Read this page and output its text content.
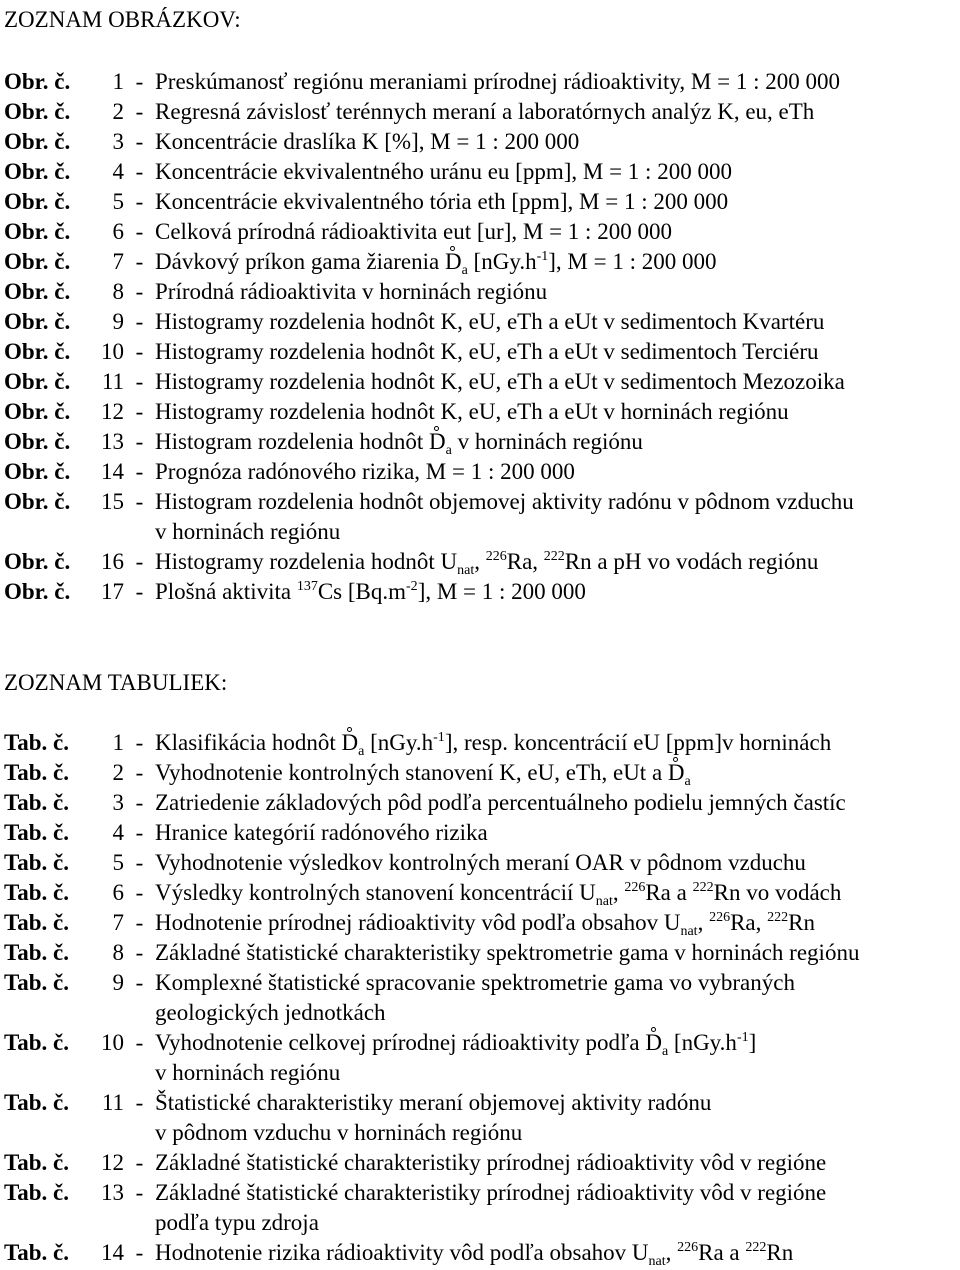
ZOZNAM OBRÁZKOV:
Obr. č.	1 - Preskúmanosť regiónu meraniami prírodnej rádioaktivity, M = 1 : 200 000
Obr. č.	2 - Regresná závislosť terénnych meraní a laboratórnych analýz K, eu, eTh
Obr. č.	3 - Koncentrácie draslíka K [%], M = 1 : 200 000
Obr. č.	4 - Koncentrácie ekvivalentného uránu eu [ppm], M = 1 : 200 000
Obr. č.	5 - Koncentrácie ekvivalentného tória eth [ppm], M = 1 : 200 000
Obr. č.	6 - Celková prírodná rádioaktivita eut [ur], M = 1 : 200 000
Obr. č.	7 - Dávkový príkon gama žiarenia D
$_a$ $[nGy.h^{-1}]$, M = 1 : 200 000
Obr. č.	8 - Prírodná rádioaktivita v horninách regiónu
Obr. č.	9 - Histogramy rozdelenia hodnôt K, eU, eTh a eUt v sedimentoch Kvartéru
Obr. č.	10 - Histogramy rozdelenia hodnôt K, eU, eTh a eUt v sedimentoch Terciéru
Obr. č.	11 - Histogramy rozdelenia hodnôt K, eU, eTh a eUt v sedimentoch Mezozoika
Obr. č.	12 - Histogramy rozdelenia hodnôt K, eU, eTh a eUt v horninách regiónu
Obr. č.	13 - Histogram rozdelenia hodnôt D
$_a$ v horninách regiónu
Obr. č.	14 - Prognóza radónového rizika, M = 1 : 200 000
Obr. č.	15 - Histogram rozdelenia hodnôt objemovej aktivity radónu v pôdnom vzduchu
v horninách regiónu
Obr. č.	16 - Histogramy rozdelenia hodnôt $U_{nat}$, $^{226}$Ra, $^{222}$Rn a pH vo vodách regiónu
Obr. č.	17 - Plošná aktivita $^{137}$Cs $[Bq.m^{-2}]$, M = 1 : 200 000
ZOZNAM TABULIEK:
Tab. č.	1 - Klasifikácia hodnôt D
$_a$ $[nGy.h^{-1}]$, resp. koncentrácií eU [ppm]v horninách
Tab. č.	2 - Vyhodnotenie kontrolných stanovení K, eU, eTh, eUt a D
$_a$
Tab. č.	3 - Zatriedenie základových pôd podľa percentuálneho podielu jemných častíc
Tab. č.	4 - Hranice kategórií radónového rizika
Tab. č.	5 - Vyhodnotenie výsledkov kontrolných meraní OAR v pôdnom vzduchu
Tab. č.	6 - Výsledky kontrolných stanovení koncentrácií $U_{nat}$, $^{226}$Ra a $^{222}$Rn vo vodách
Tab. č.	7 - Hodnotenie prírodnej rádioaktivity vôd podľa obsahov $U_{nat}$, $^{226}$Ra, $^{222}$Rn
Tab. č.	8 - Základné štatistické charakteristiky spektrometrie gama v horninách regiónu
Tab. č.	9 - Komplexné štatistické spracovanie spektrometrie gama vo vybraných
geologických jednotkách
Tab. č.	10 - Vyhodnotenie celkovej prírodnej rádioaktivity podľa D
$_a$ $[nGy.h^{-1}]$
v horninách regiónu
Tab. č.	11 - Štatistické charakteristiky meraní objemovej aktivity radónu
v pôdnom vzduchu v horninách regiónu
Tab. č.	12 - Základné štatistické charakteristiky prírodnej rádioaktivity vôd v regióne
Tab. č.	13 - Základné štatistické charakteristiky prírodnej rádioaktivity vôd v regióne
podľa typu zdroja
Tab. č.	14 - Hodnotenie rizika rádioaktivity vôd podľa obsahov $U_{nat}$, $^{226}$Ra a $^{222}$Rn
